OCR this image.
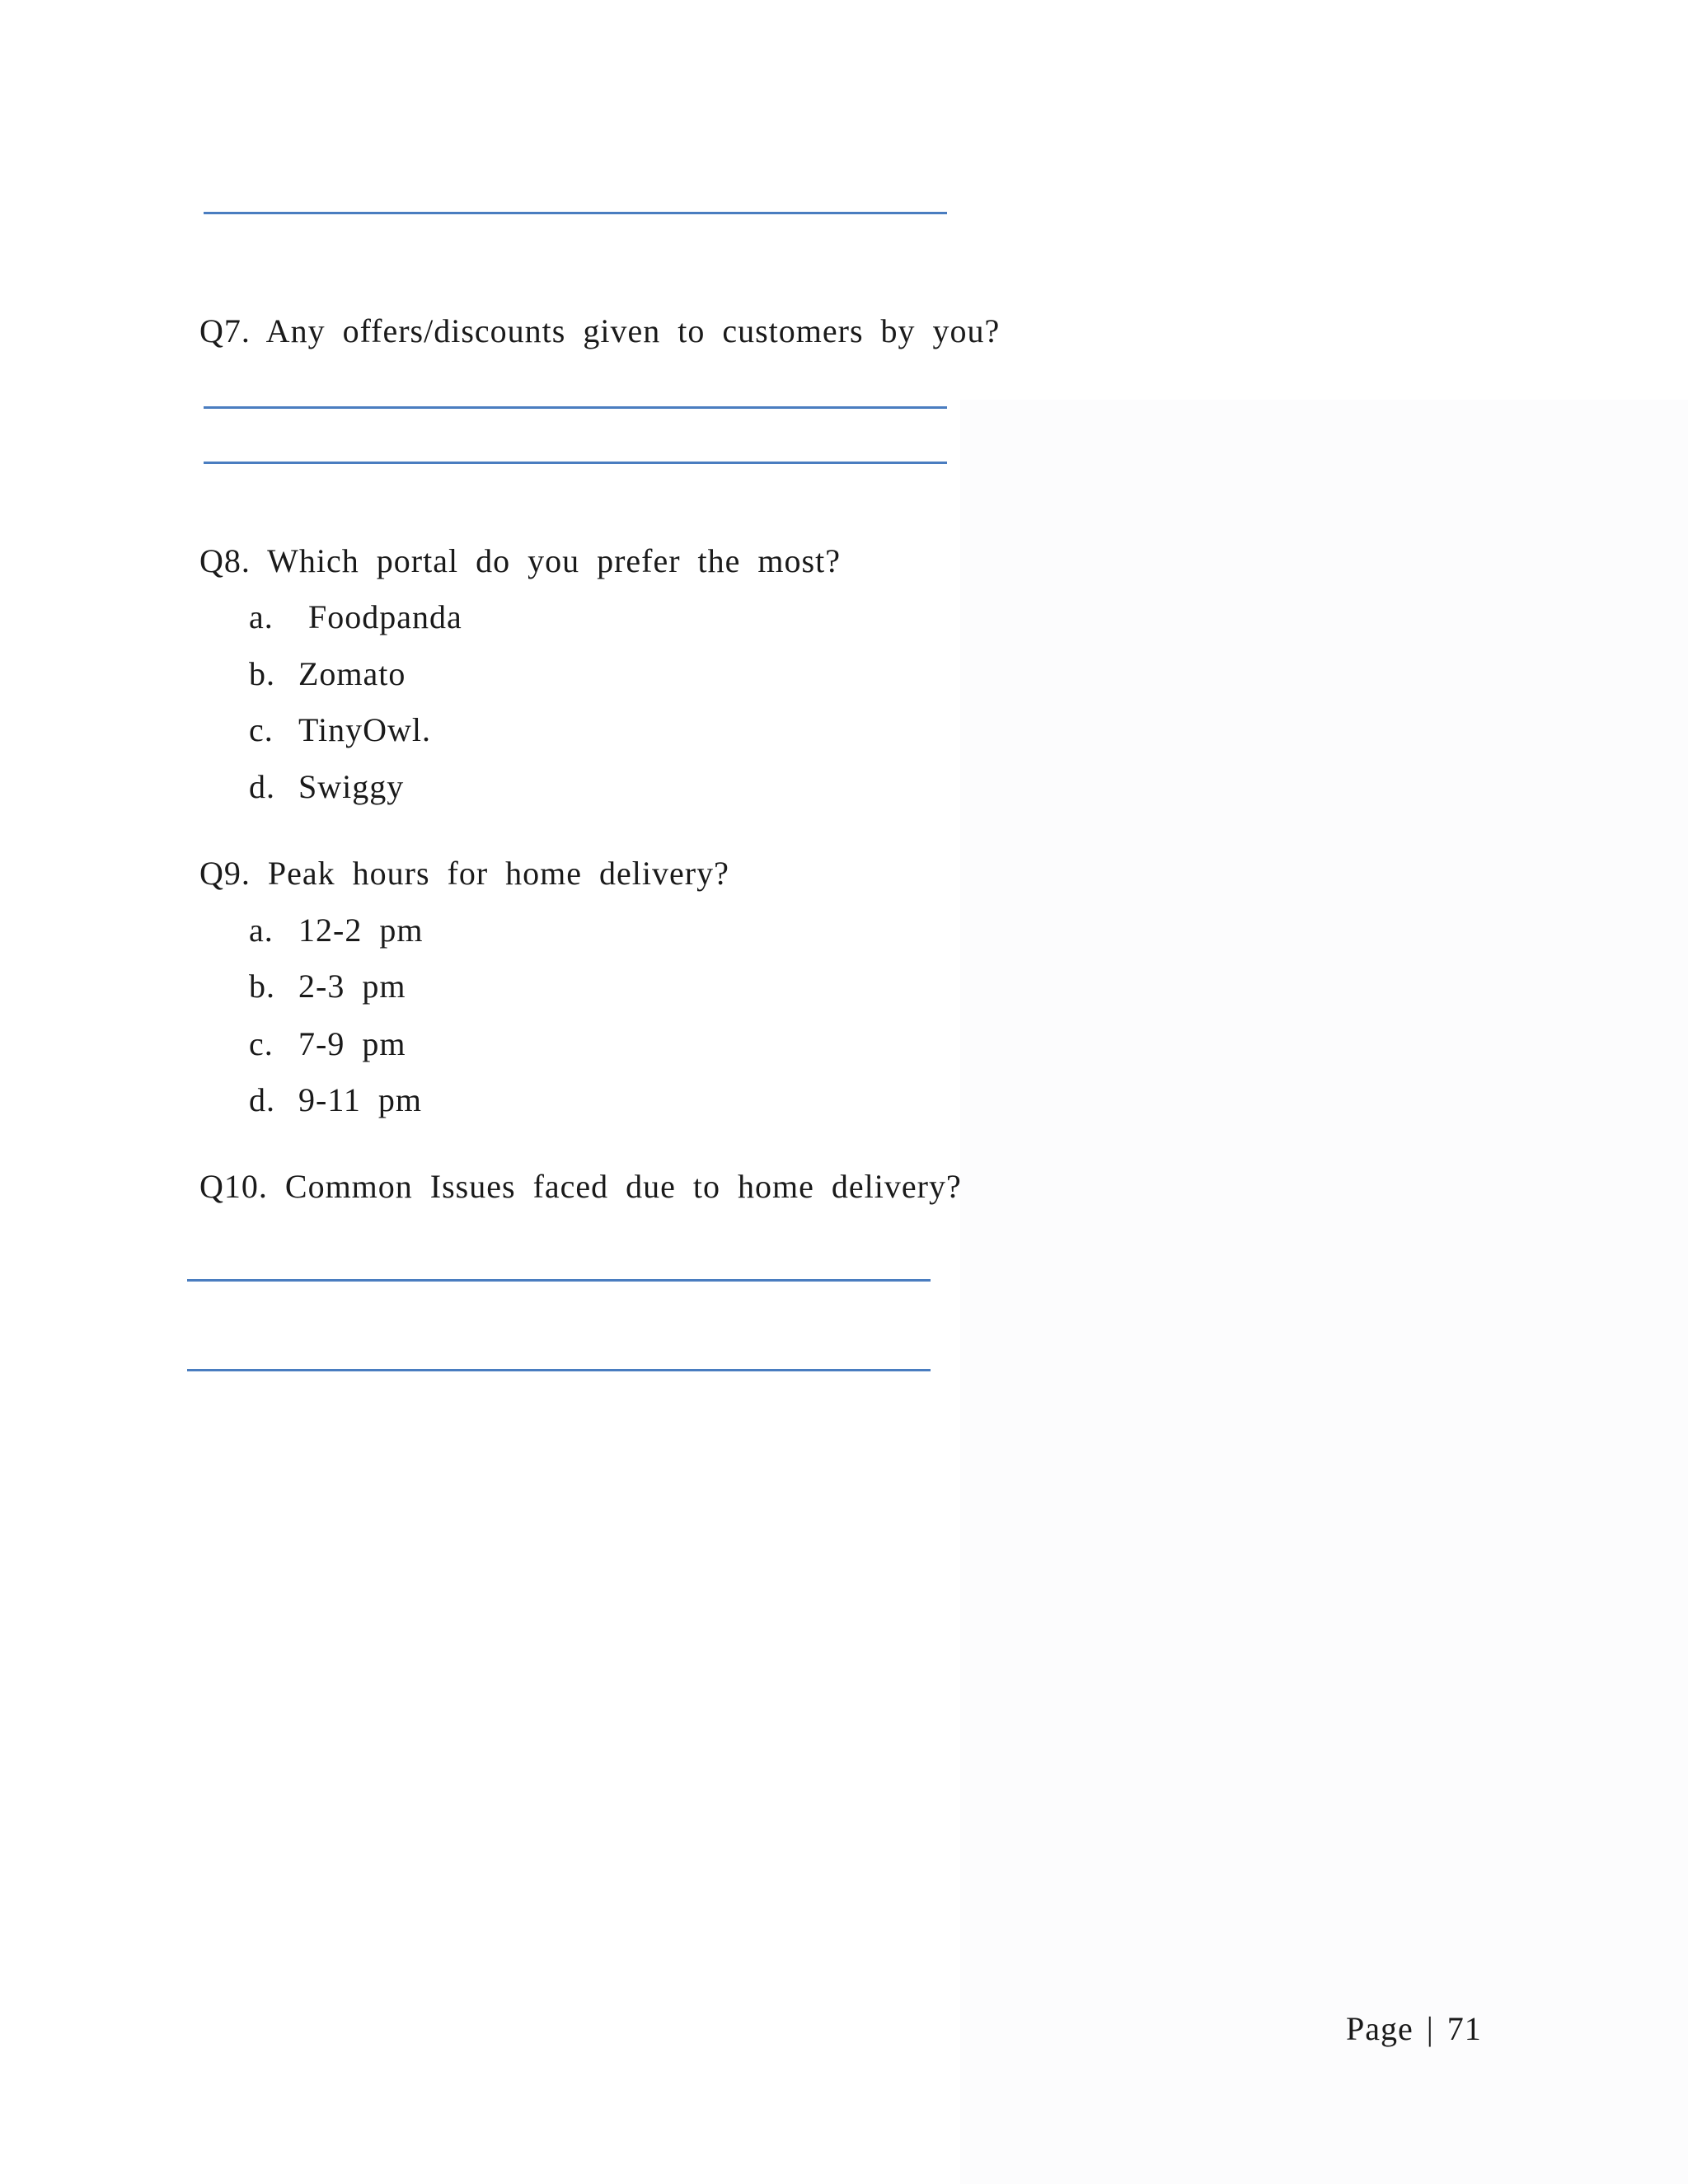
Q7. Any offers/discounts given to customers by you?

Q8. Which portal do you prefer the most?

a. Foodpanda

b. Zomato

c. TinyOwl.

d. Swiggy

Q9. Peak hours for home delivery?

a. 12-2 pm

b. 2-3 pm

c. 7-9 pm

d. 9-11 pm

Q10. Common Issues faced due to home delivery?

Page | 71
